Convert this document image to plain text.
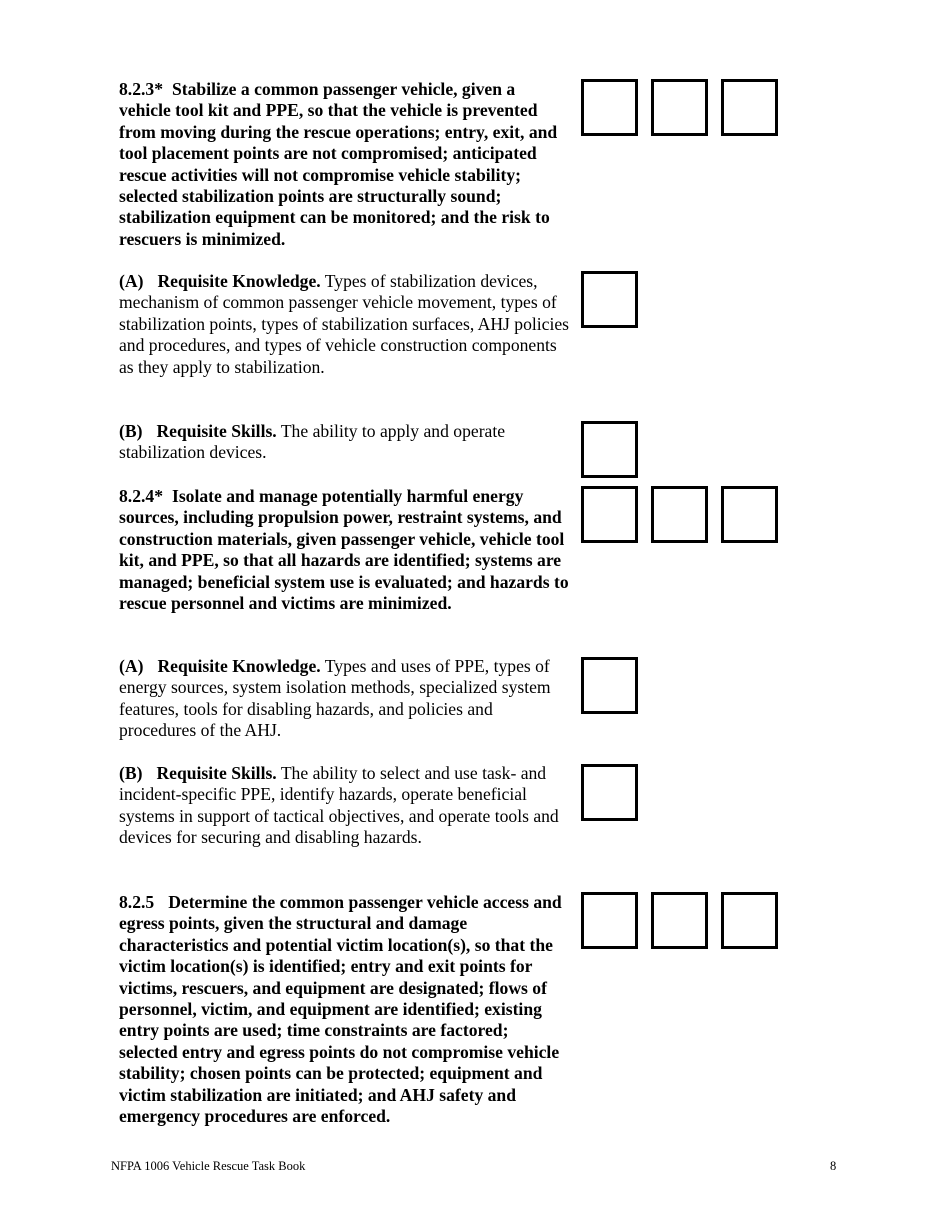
8.2.3* Stabilize a common passenger vehicle, given a vehicle tool kit and PPE, so that the vehicle is prevented from moving during the rescue operations; entry, exit, and tool placement points are not compromised; anticipated rescue activities will not compromise vehicle stability; selected stabilization points are structurally sound; stabilization equipment can be monitored; and the risk to rescuers is minimized.

(A) Requisite Knowledge. Types of stabilization devices, mechanism of common passenger vehicle movement, types of stabilization points, types of stabilization surfaces, AHJ policies and procedures, and types of vehicle construction components as they apply to stabilization.

(B) Requisite Skills. The ability to apply and operate stabilization devices.

8.2.4* Isolate and manage potentially harmful energy sources, including propulsion power, restraint systems, and construction materials, given passenger vehicle, vehicle tool kit, and PPE, so that all hazards are identified; systems are managed; beneficial system use is evaluated; and hazards to rescue personnel and victims are minimized.

(A) Requisite Knowledge. Types and uses of PPE, types of energy sources, system isolation methods, specialized system features, tools for disabling hazards, and policies and procedures of the AHJ.

(B) Requisite Skills. The ability to select and use task- and incident-specific PPE, identify hazards, operate beneficial systems in support of tactical objectives, and operate tools and devices for securing and disabling hazards.

8.2.5 Determine the common passenger vehicle access and egress points, given the structural and damage characteristics and potential victim location(s), so that the victim location(s) is identified; entry and exit points for victims, rescuers, and equipment are designated; flows of personnel, victim, and equipment are identified; existing entry points are used; time constraints are factored; selected entry and egress points do not compromise vehicle stability; chosen points can be protected; equipment and victim stabilization are initiated; and AHJ safety and emergency procedures are enforced.

NFPA 1006 Vehicle Rescue Task Book	8
